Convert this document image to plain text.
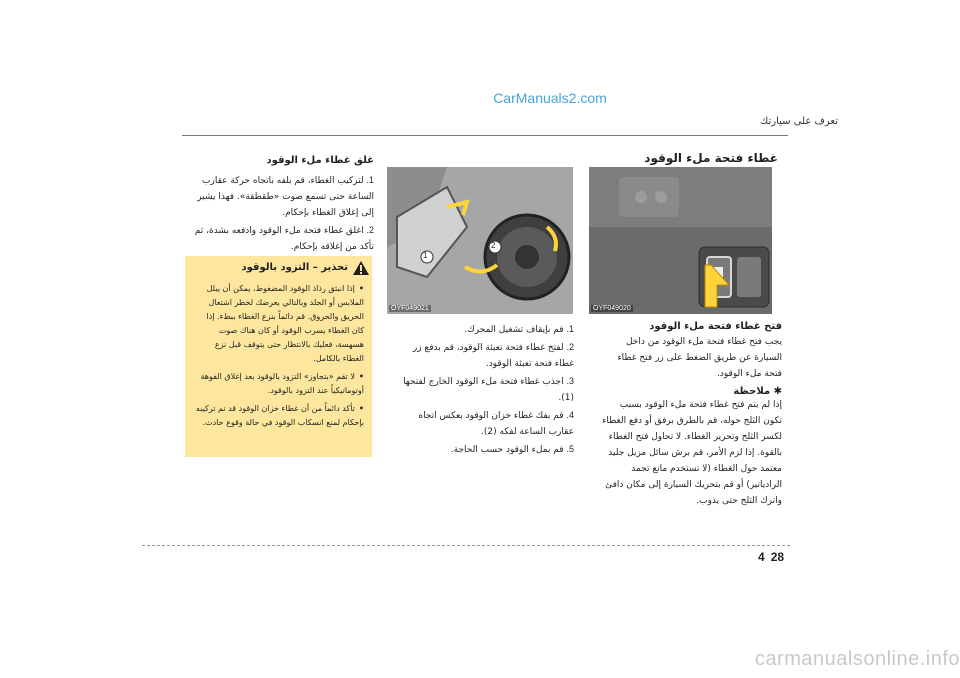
CarManuals2.com
تعرف على سيارتك
غطاء فتحة ملء الوقود
OYF049020
1
2
OYF049021
فتح غطاء فتحة ملء الوقود

يجب فتح غطاء فتحة ملء الوقود من داخل السيارة عن طريق الضغط على زر فتح غطاء فتحة ملء الوقود.

✱ ملاحظة

إذا لم يتم فتح غطاء فتحة ملء الوقود بسبب تكون الثلج حوله، قم بالطرق برفق أو دفع الغطاء لكسر الثلج وتحرير الغطاء. لا تحاول فتح الغطاء بالقوة. إذا لزم الأمر، قم برش سائل مزيل جليد معتمد حول الغطاء (لا تستخدم مانع تجمد الرادياتير) أو قم بتحريك السيارة إلى مكان دافئ واترك الثلج حتى يذوب.

1. قم بإيقاف تشغيل المحرك.
2. لفتح غطاء فتحة تعبئة الوقود، قم بدفع زر غطاء فتحة تعبئة الوقود.
3. اجذب غطاء فتحة ملء الوقود الخارج لفتحها (1).
4. قم بفك غطاء خزان الوقود بعكس اتجاه عقارب الساعة لفكه (2).
5. قم بملء الوقود حسب الحاجة.
غلق غطاء ملء الوقود
1. لتركيب الغطاء، قم بلفه باتجاه حركة عقارب الساعة حتى تسمع صوت «طقطقة». فهذا يشير إلى إغلاق الغطاء بإحكام.
2. اغلق غطاء فتحة ملء الوقود وادفعه بشدة، ثم تأكد من إغلاقه بإحكام.
تحذير – التزود بالوقود
•إذا انبثق رذاذ الوقود المضغوط، يمكن أن يبلل الملابس أو الجلد وبالتالي يعرضك لخطر اشتعال الحريق والحروق. قم دائماً بنزع الغطاء ببطء. إذا كان الغطاء يسرب الوقود أو كان هناك صوت هسهسة، فعليك بالانتظار حتى يتوقف قبل نزع الغطاء بالكامل.
•لا تقم «بتجاوز» التزود بالوقود بعد إغلاق الفوهة أوتوماتيكياً عند التزود بالوقود.
•تأكد دائماً من أن غطاء خزان الوقود قد تم تركيبه بإحكام لمنع انسكاب الوقود في حالة وقوع حادث.
4 28
carmanualsonline.info
